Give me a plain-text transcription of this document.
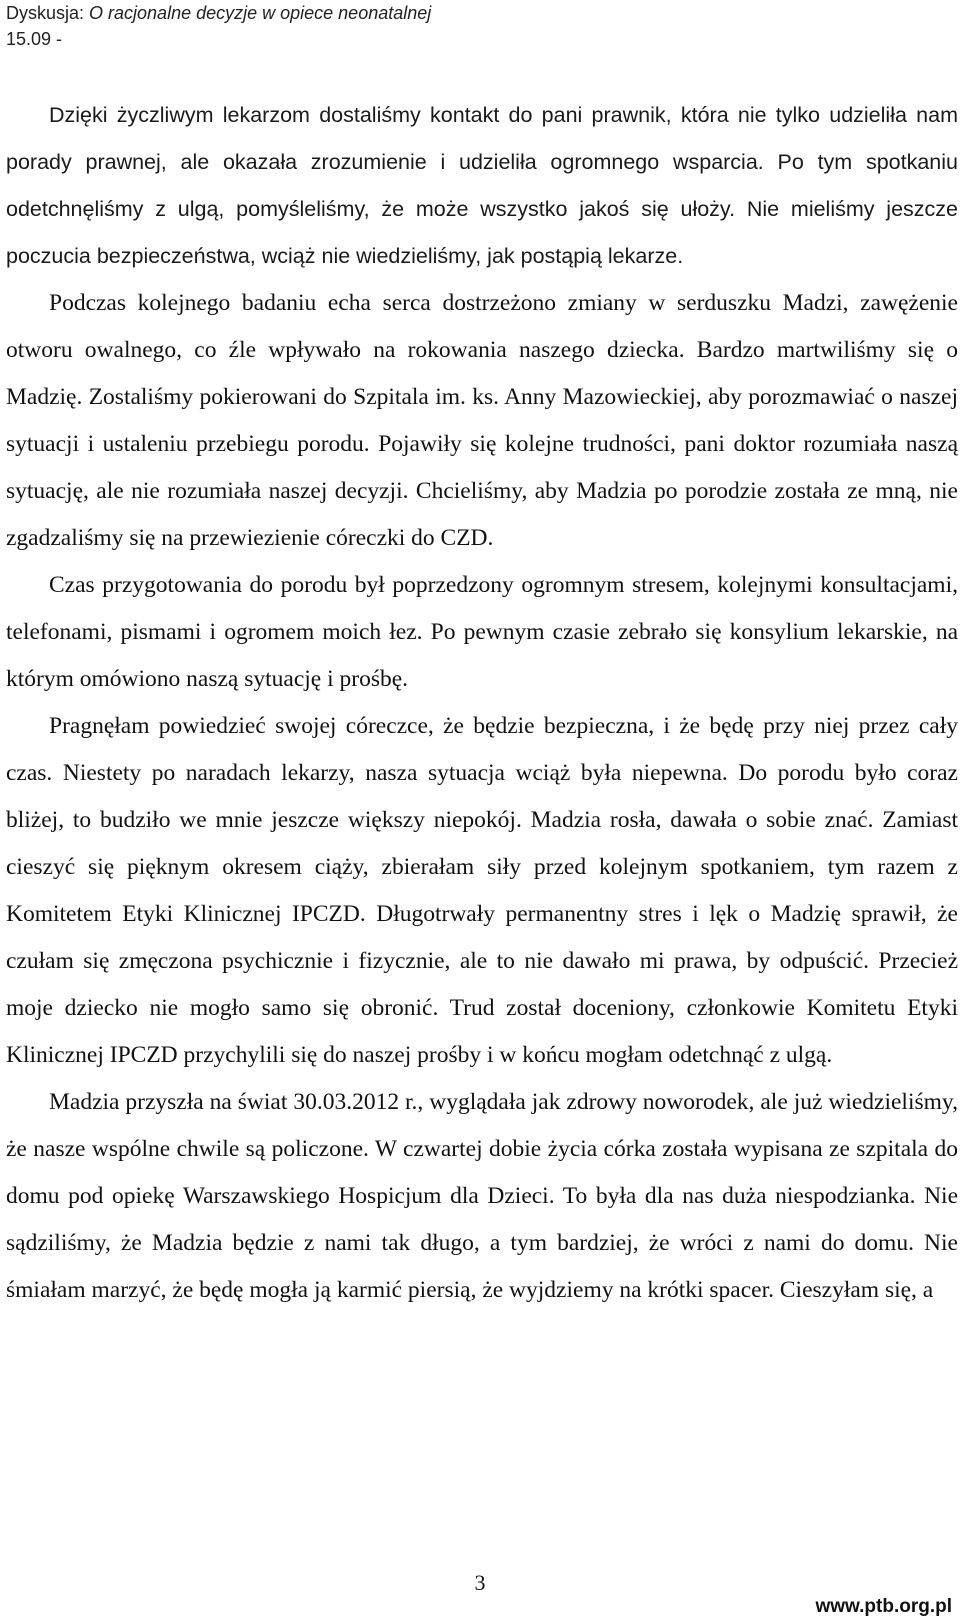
Dyskusja: O racjonalne decyzje w opiece neonatalnej
15.09 -

Dzięki życzliwym lekarzom dostaliśmy kontakt do pani prawnik, która nie tylko udzieliła nam porady prawnej, ale okazała zrozumienie i udzieliła ogromnego wsparcia. Po tym spotkaniu odetchnęliśmy z ulgą, pomyśleliśmy, że może wszystko jakoś się ułoży. Nie mieliśmy jeszcze poczucia bezpieczeństwa, wciąż nie wiedzieliśmy, jak postąpią lekarze.

Podczas kolejnego badaniu echa serca dostrzeżono zmiany w serduszku Madzi, zawężenie otworu owalnego, co źle wpływało na rokowania naszego dziecka. Bardzo martwiliśmy się o Madzię. Zostaliśmy pokierowani do Szpitala im. ks. Anny Mazowieckiej, aby porozmawiać o naszej sytuacji i ustaleniu przebiegu porodu. Pojawiły się kolejne trudności, pani doktor rozumiała naszą sytuację, ale nie rozumiała naszej decyzji. Chcieliśmy, aby Madzia po porodzie została ze mną, nie zgadzaliśmy się na przewiezienie córeczki do CZD.

Czas przygotowania do porodu był poprzedzony ogromnym stresem, kolejnymi konsultacjami, telefonami, pismami i ogromem moich łez. Po pewnym czasie zebrało się konsylium lekarskie, na którym omówiono naszą sytuację i prośbę.

Pragnęłam powiedzieć swojej córeczce, że będzie bezpieczna, i że będę przy niej przez cały czas. Niestety po naradach lekarzy, nasza sytuacja wciąż była niepewna. Do porodu było coraz bliżej, to budziło we mnie jeszcze większy niepokój. Madzia rosła, dawała o sobie znać. Zamiast cieszyć się pięknym okresem ciąży, zbierałam siły przed kolejnym spotkaniem, tym razem z Komitetem Etyki Klinicznej IPCZD. Długotrwały permanentny stres i lęk o Madzię sprawił, że czułam się zmęczona psychicznie i fizycznie, ale to nie dawało mi prawa, by odpuścić. Przecież moje dziecko nie mogło samo się obronić. Trud został doceniony, członkowie Komitetu Etyki Klinicznej IPCZD przychylili się do naszej prośby i w końcu mogłam odetchnąć z ulgą.

Madzia przyszła na świat 30.03.2012 r., wyglądała jak zdrowy noworodek, ale już wiedzieliśmy, że nasze wspólne chwile są policzone. W czwartej dobie życia córka została wypisana ze szpitala do domu pod opiekę Warszawskiego Hospicjum dla Dzieci. To była dla nas duża niespodzianka. Nie sądziliśmy, że Madzia będzie z nami tak długo, a tym bardziej, że wróci z nami do domu. Nie śmiałam marzyć, że będę mogła ją karmić piersią, że wyjdziemy na krótki spacer. Cieszyłam się, a

3
www.ptb.org.pl
